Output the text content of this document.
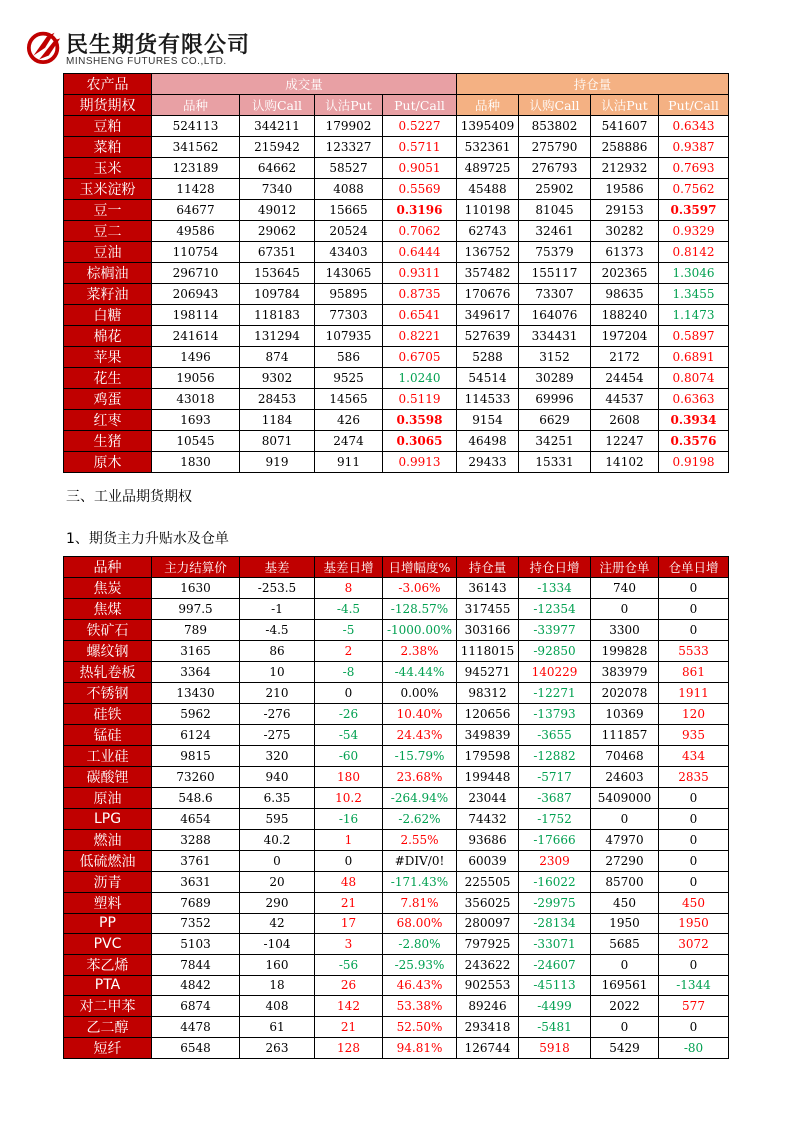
民生期货有限公司
MINSHENG FUTURES CO.,LTD.
农产品	成交量				持仓量			
期货期权	品种	认购Call	认沽Put	Put/Call	品种	认购Call	认沽Put	Put/Call
豆粕	524113	344211	179902	0.5227	1395409	853802	541607	0.6343
菜粕	341562	215942	123327	0.5711	532361	275790	258886	0.9387
玉米	123189	64662	58527	0.9051	489725	276793	212932	0.7693
玉米淀粉	11428	7340	4088	0.5569	45488	25902	19586	0.7562
豆一	64677	49012	15665	0.3196	110198	81045	29153	0.3597
豆二	49586	29062	20524	0.7062	62743	32461	30282	0.9329
豆油	110754	67351	43403	0.6444	136752	75379	61373	0.8142
棕榈油	296710	153645	143065	0.9311	357482	155117	202365	1.3046
菜籽油	206943	109784	95895	0.8735	170676	73307	98635	1.3455
白糖	198114	118183	77303	0.6541	349617	164076	188240	1.1473
棉花	241614	131294	107935	0.8221	527639	334431	197204	0.5897
苹果	1496	874	586	0.6705	5288	3152	2172	0.6891
花生	19056	9302	9525	1.0240	54514	30289	24454	0.8074
鸡蛋	43018	28453	14565	0.5119	114533	69996	44537	0.6363
红枣	1693	1184	426	0.3598	9154	6629	2608	0.3934
生猪	10545	8071	2474	0.3065	46498	34251	12247	0.3576
原木	1830	919	911	0.9913	29433	15331	14102	0.9198
三、工业品期货期权
1、期货主力升贴水及仓单
品种	主力结算价	基差	基差日增	日增幅度%	持仓量	持仓日增	注册仓单	仓单日增
焦炭	1630	-253.5	8	-3.06%	36143	-1334	740	0
焦煤	997.5	-1	-4.5	-128.57%	317455	-12354	0	0
铁矿石	789	-4.5	-5	-1000.00%	303166	-33977	3300	0
螺纹钢	3165	86	2	2.38%	1118015	-92850	199828	5533
热轧卷板	3364	10	-8	-44.44%	945271	140229	383979	861
不锈钢	13430	210	0	0.00%	98312	-12271	202078	1911
硅铁	5962	-276	-26	10.40%	120656	-13793	10369	120
锰硅	6124	-275	-54	24.43%	349839	-3655	111857	935
工业硅	9815	320	-60	-15.79%	179598	-12882	70468	434
碳酸锂	73260	940	180	23.68%	199448	-5717	24603	2835
原油	548.6	6.35	10.2	-264.94%	23044	-3687	5409000	0
LPG	4654	595	-16	-2.62%	74432	-1752	0	0
燃油	3288	40.2	1	2.55%	93686	-17666	47970	0
低硫燃油	3761	0	0	#DIV/0!	60039	2309	27290	0
沥青	3631	20	48	-171.43%	225505	-16022	85700	0
塑料	7689	290	21	7.81%	356025	-29975	450	450
PP	7352	42	17	68.00%	280097	-28134	1950	1950
PVC	5103	-104	3	-2.80%	797925	-33071	5685	3072
苯乙烯	7844	160	-56	-25.93%	243622	-24607	0	0
PTA	4842	18	26	46.43%	902553	-45113	169561	-1344
对二甲苯	6874	408	142	53.38%	89246	-4499	2022	577
乙二醇	4478	61	21	52.50%	293418	-5481	0	0
短纤	6548	263	128	94.81%	126744	5918	5429	-80
